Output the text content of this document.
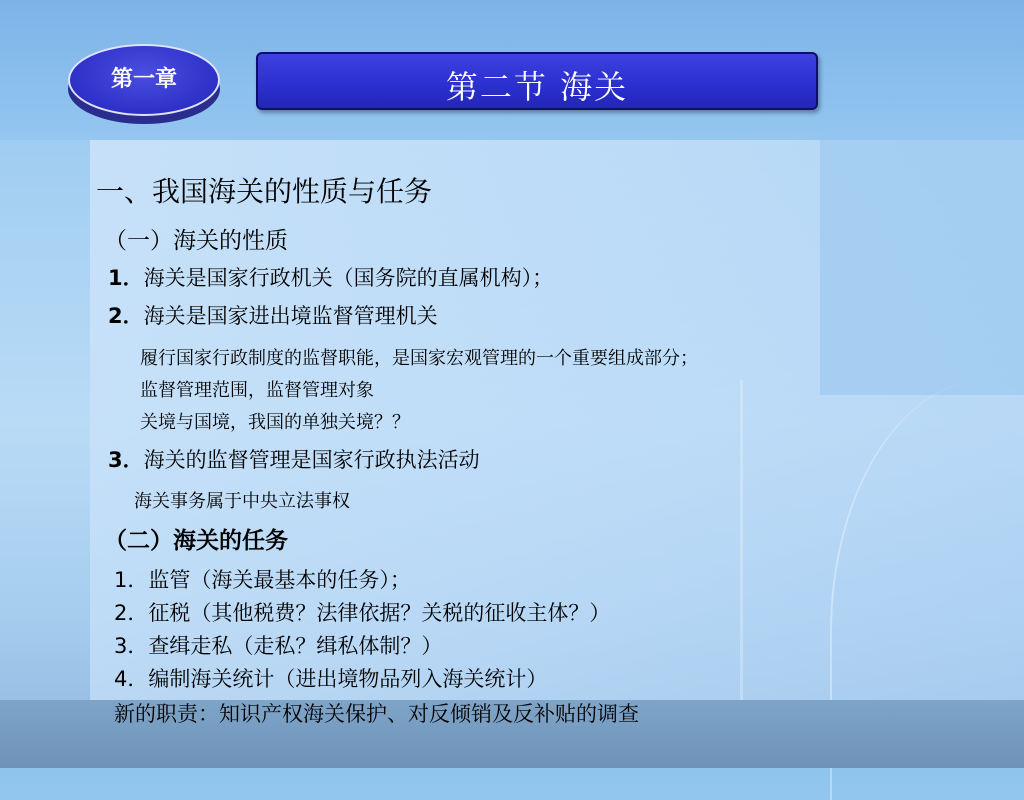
第一章	第二节 海关
一、我国海关的性质与任务
（一）海关的性质
1．海关是国家行政机关（国务院的直属机构）；
2．海关是国家进出境监督管理机关
履行国家行政制度的监督职能，是国家宏观管理的一个重要组成部分；
监督管理范围，监督管理对象
关境与国境，我国的单独关境？？
3．海关的监督管理是国家行政执法活动
海关事务属于中央立法事权
（二）海关的任务
1．监管（海关最基本的任务）；
2．征税（其他税费？法律依据？关税的征收主体？）
3．查缉走私（走私？缉私体制？）
4．编制海关统计（进出境物品列入海关统计）
新的职责：知识产权海关保护、对反倾销及反补贴的调查
